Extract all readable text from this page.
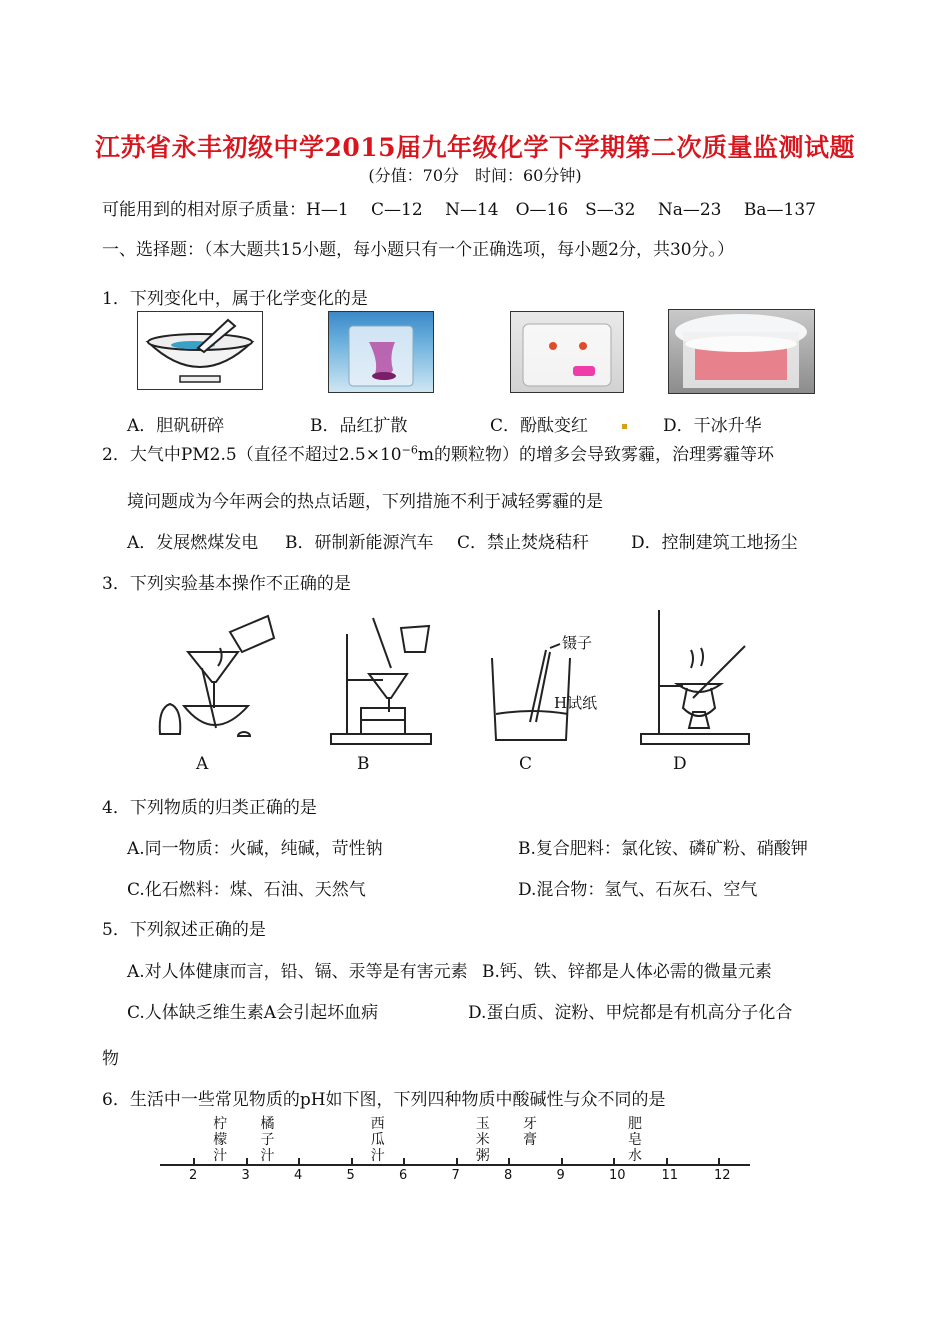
江苏省永丰初级中学2015届九年级化学下学期第二次质量监测试题
(分值：70分　时间：60分钟)
可能用到的相对原子质量：H—1　 C—12　 N—14　O—16　S—32　 Na—23　 Ba—137
一、选择题：（本大题共15小题，每小题只有一个正确选项，每小题2分，共30分。）
1．下列变化中，属于化学变化的是
A．胆矾研碎	B．品红扩散	C．酚酞变红	D．干冰升华
2．大气中PM2.5（直径不超过$2.5\times 10^{-6}m$的颗粒物）的增多会导致雾霾，治理雾霾等环
境问题成为今年两会的热点话题，下列措施不利于减轻雾霾的是
A．发展燃煤发电 B．研制新能源汽车 C．禁止焚烧秸秆 D．控制建筑工地扬尘
3．下列实验基本操作不正确的是
镊子
H试纸
A	B	C	D
4．下列物质的归类正确的是
A.同一物质：火碱，纯碱，苛性钠	B.复合肥料：氯化铵、磷矿粉、硝酸钾
C.化石燃料：煤、石油、天然气	D.混合物：氢气、石灰石、空气
5．下列叙述正确的是
A.对人体健康而言，铅、镉、汞等是有害元素 B.钙、铁、锌都是人体必需的微量元素
C.人体缺乏维生素A会引起坏血病	D.蛋白质、淀粉、甲烷都是有机高分子化合
物
6．生活中一些常见物质的pH如下图，下列四种物质中酸碱性与众不同的是
2	3	4	5	6	7	8	9	10	11	12
柠檬汁
橘子汁
西瓜汁
玉米粥
牙膏
肥皂水
